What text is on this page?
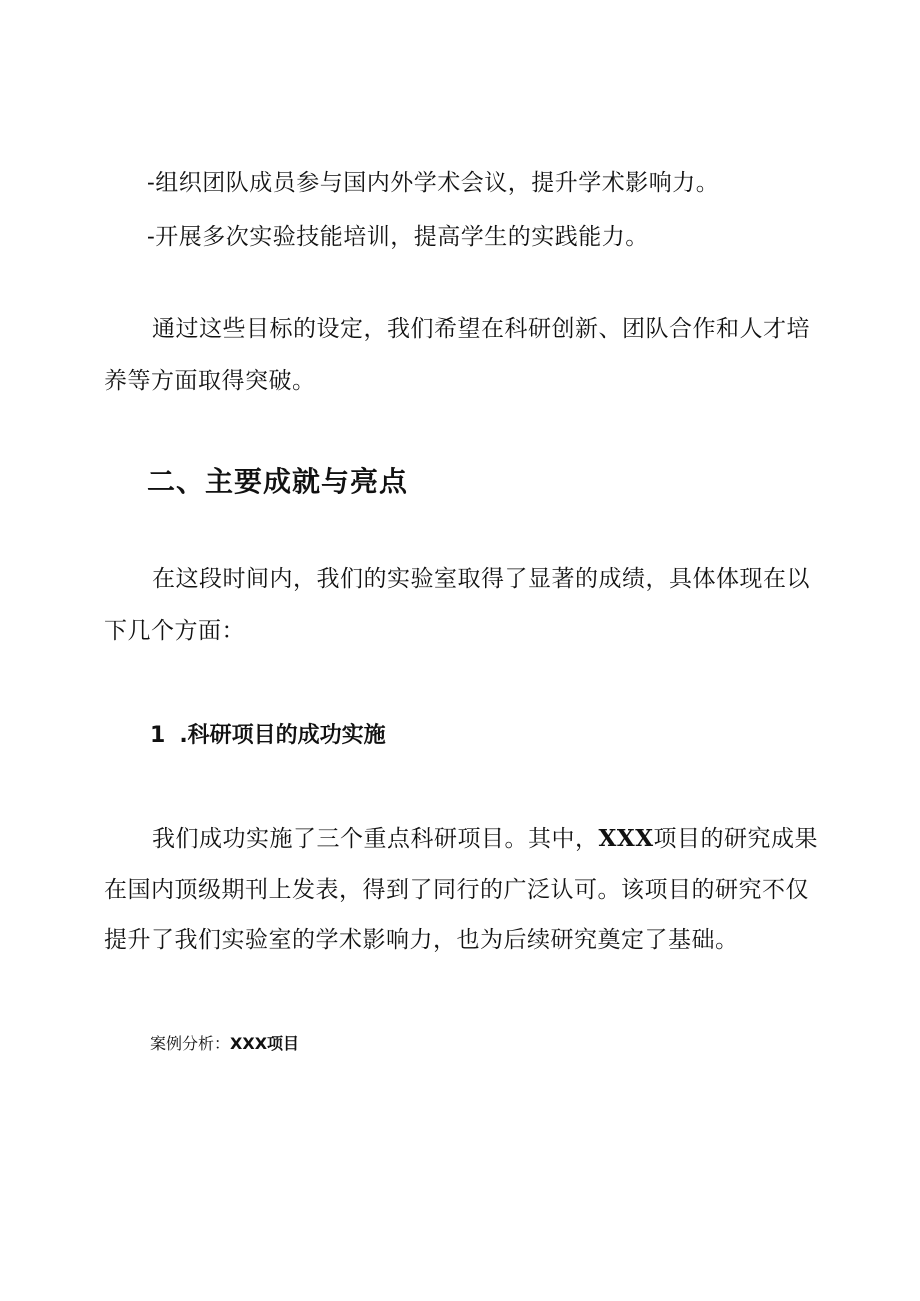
-组织团队成员参与国内外学术会议，提升学术影响力。
-开展多次实验技能培训，提高学生的实践能力。
通过这些目标的设定，我们希望在科研创新、团队合作和人才培
养等方面取得突破。
二、主要成就与亮点
在这段时间内，我们的实验室取得了显著的成绩，具体体现在以
下几个方面：
1 .科研项目的成功实施
我们成功实施了三个重点科研项目。其中，XXX项目的研究成果
在国内顶级期刊上发表，得到了同行的广泛认可。该项目的研究不仅
提升了我们实验室的学术影响力，也为后续研究奠定了基础。
案例分析：XXX项目
